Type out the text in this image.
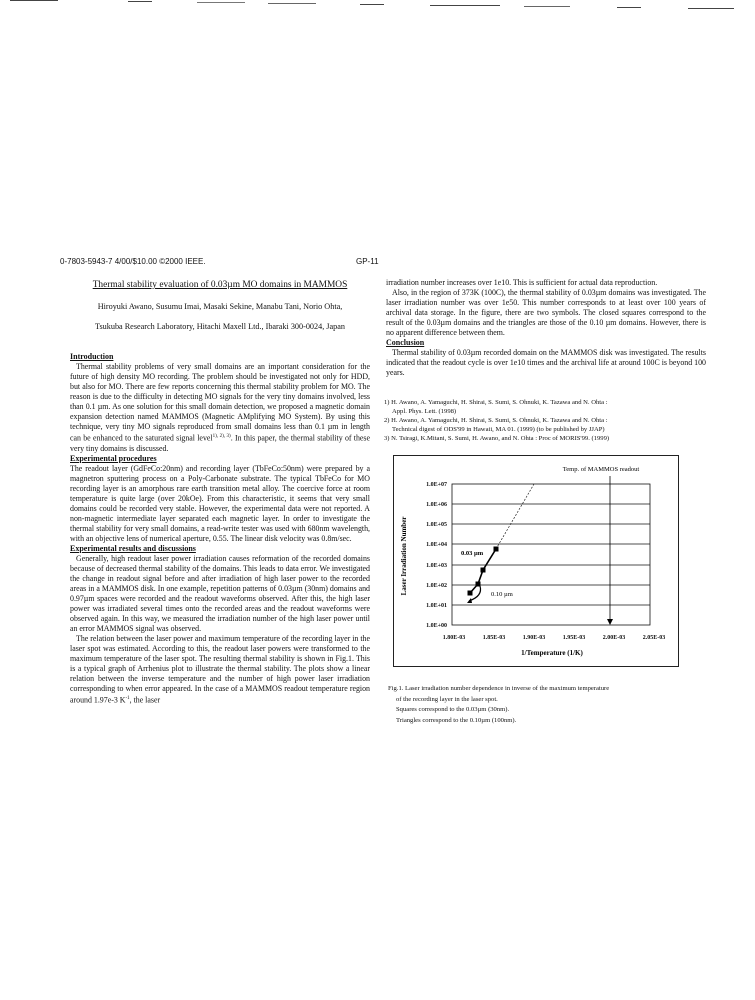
0-7803-5943-7 4/00/$10.00 ©2000 IEEE.	GP-11
Thermal stability evaluation of 0.03µm MO domains in MAMMOS
Hiroyuki Awano, Susumu Imai, Masaki Sekine, Manabu Tani, Norio Ohta,
Tsukuba Research Laboratory, Hitachi Maxell Ltd., Ibaraki 300-0024, Japan
Introduction

Thermal stability problems of very small domains are an important consideration for the future of high density MO recording. The problem should be investigated not only for HDD, but also for MO. There are few reports concerning this thermal stability problem for MO. The reason is due to the difficulty in detecting MO signals for the very tiny domains involved, less than 0.1 µm. As one solution for this small domain detection, we proposed a magnetic domain expansion detection named MAMMOS (Magnetic AMplifying MO System). By using this technique, very tiny MO signals reproduced from small domains less than 0.1 µm in length can be enhanced to the saturated signal level$^{1), 2), 3)}$. In this paper, the thermal stability of these very tiny domains is discussed.

Experimental procedures

The readout layer (GdFeCo:20nm) and recording layer (TbFeCo:50nm) were prepared by a magnetron sputtering process on a Poly-Carbonate substrate. The typical TbFeCo for MO recording layer is an amorphous rare earth transition metal alloy. The coercive force at room temperature is quite large (over 20kOe). From this characteristic, it seems that very small domains could be recorded very stable. However, the experimental data were not reported. A non-magnetic intermediate layer separated each magnetic layer. In order to investigate the thermal stability for very small domains, a read-write tester was used with 680nm wavelength, with an objective lens of numerical aperture, 0.55. The linear disk velocity was 0.8m/sec.

Experimental results and discussions

Generally, high readout laser power irradiation causes reformation of the recorded domains because of decreased thermal stability of the domains. This leads to data error. We investigated the change in readout signal before and after irradiation of high laser power to the recorded areas in a MAMMOS disk. In one example, repetition patterns of 0.03µm (30nm) domains and 0.97µm spaces were recorded and the readout waveforms observed. After this, the high laser power was irradiated several times onto the recorded areas and the readout waveforms were observed again. In this way, we measured the irradiation number of the high laser power until an error MAMMOS signal was observed.

The relation between the laser power and maximum temperature of the recording layer in the laser spot was estimated. According to this, the readout laser powers were transformed to the maximum temperature of the laser spot. The resulting thermal stability is shown in Fig.1. This is a typical graph of Arrhenius plot to illustrate the thermal stability. The plots show a linear relation between the inverse temperature and the number of high power laser irradiation corresponding to when error appeared. In the case of a MAMMOS readout temperature region around 1.97e-3 $K^{-1}$, the laser

irradiation number increases over 1e10. This is sufficient for actual data reproduction.

Also, in the region of 373K (100C), the thermal stability of 0.03µm domains was investigated. The laser irradiation number was over 1e50. This number corresponds to at least over 100 years of archival data storage. In the figure, there are two symbols. The closed squares correspond to the result of the 0.03µm domains and the triangles are those of the 0.10 µm domains. However, there is no apparent difference between them.

Conclusion

Thermal stability of 0.03µm recorded domain on the MAMMOS disk was investigated. The results indicated that the readout cycle is over 1e10 times and the archival life at around 100C is beyond 100 years.

1) H. Awano, A. Yamaguchi, H. Shirai, S. Sumi, S. Ohnuki, K. Tazawa and N. Ohta :
Appl. Phys. Lett. (1998)
2) H. Awano, A. Yamaguchi, H. Shirai, S. Sumi, S. Ohnuki, K. Tazawa and N. Ohta :
Technical digest of ODS'99 in Hawaii, MA 01. (1999) (to be published by JJAP)
3) N. Tsiragi, K.Mitani, S. Sumi, H. Awano, and N. Ohta : Proc of MORIS'99. (1999)
1.0E+07
1.0E+06
1.0E+05
1.0E+04
1.0E+03
1.0E+02
1.0E+01
1.0E+00
1.80E-03	1.85E-03	1.90E-03	1.95E-03	2.00E-03	2.05E-03
1/Temperature (1/K)
Laser Irradiation Number	0.03 µm
0.10 µm
Temp. of MAMMOS readout
Fig.1. Laser irradiation number dependence in inverse of the maximum temperature
of the recording layer in the laser spot.
Squares correspond to the 0.03µm (30nm).
Triangles correspond to the 0.10µm (100nm).
